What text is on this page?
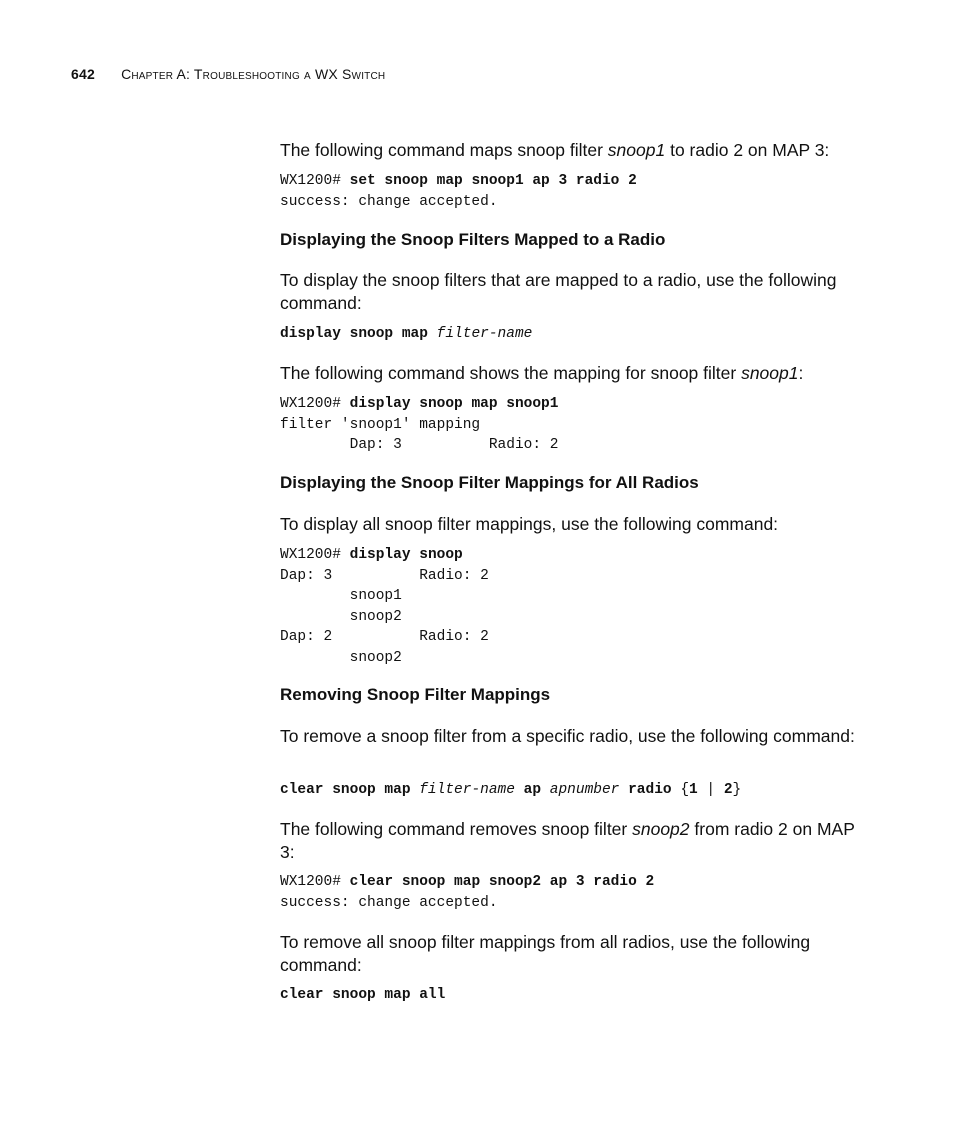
642 Chapter A: Troubleshooting a WX Switch

The following command maps snoop filter snoop1 to radio 2 on MAP 3:

WX1200# set snoop map snoop1 ap 3 radio 2
success: change accepted.
Displaying the Snoop Filters Mapped to a Radio

To display the snoop filters that are mapped to a radio, use the following command:

display snoop map filter-name

The following command shows the mapping for snoop filter snoop1:

WX1200# display snoop map snoop1
filter 'snoop1' mapping
Dap: 3          Radio: 2
Displaying the Snoop Filter Mappings for All Radios

To display all snoop filter mappings, use the following command:

WX1200# display snoop
Dap: 3          Radio: 2
snoop1
snoop2
Dap: 2          Radio: 2
snoop2
Removing Snoop Filter Mappings

To remove a snoop filter from a specific radio, use the following command:

clear snoop map filter-name ap apnumber radio {1 | 2}

The following command removes snoop filter snoop2 from radio 2 on MAP 3:

WX1200# clear snoop map snoop2 ap 3 radio 2
success: change accepted.

To remove all snoop filter mappings from all radios, use the following command:

clear snoop map all
